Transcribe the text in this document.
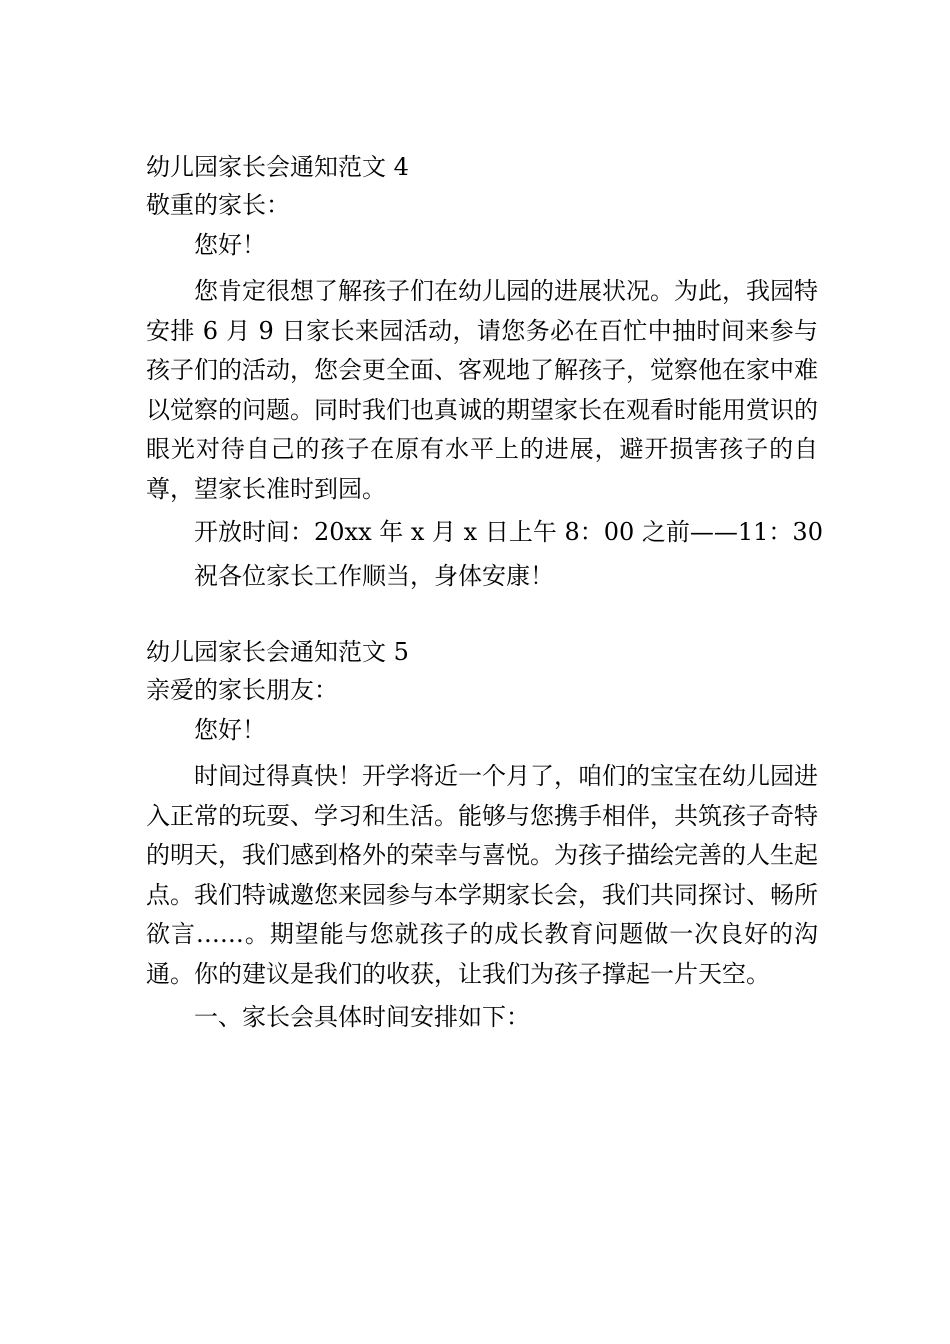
幼儿园家长会通知范文 4
敬重的家长：
您好！
您肯定很想了解孩子们在幼儿园的进展状况。为此，我园特安排 6 月 9 日家长来园活动，请您务必在百忙中抽时间来参与孩子们的活动，您会更全面、客观地了解孩子，觉察他在家中难以觉察的问题。同时我们也真诚的期望家长在观看时能用赏识的眼光对待自己的孩子在原有水平上的进展，避开损害孩子的自尊，望家长准时到园。
开放时间：20xx 年 x 月 x 日上午 8：00 之前——11：30
祝各位家长工作顺当，身体安康！
幼儿园家长会通知范文 5
亲爱的家长朋友：
您好！
时间过得真快！开学将近一个月了，咱们的宝宝在幼儿园进入正常的玩耍、学习和生活。能够与您携手相伴，共筑孩子奇特的明天，我们感到格外的荣幸与喜悦。为孩子描绘完善的人生起点。我们特诚邀您来园参与本学期家长会，我们共同探讨、畅所欲言……。期望能与您就孩子的成长教育问题做一次良好的沟通。你的建议是我们的收获，让我们为孩子撑起一片天空。
一、家长会具体时间安排如下：
